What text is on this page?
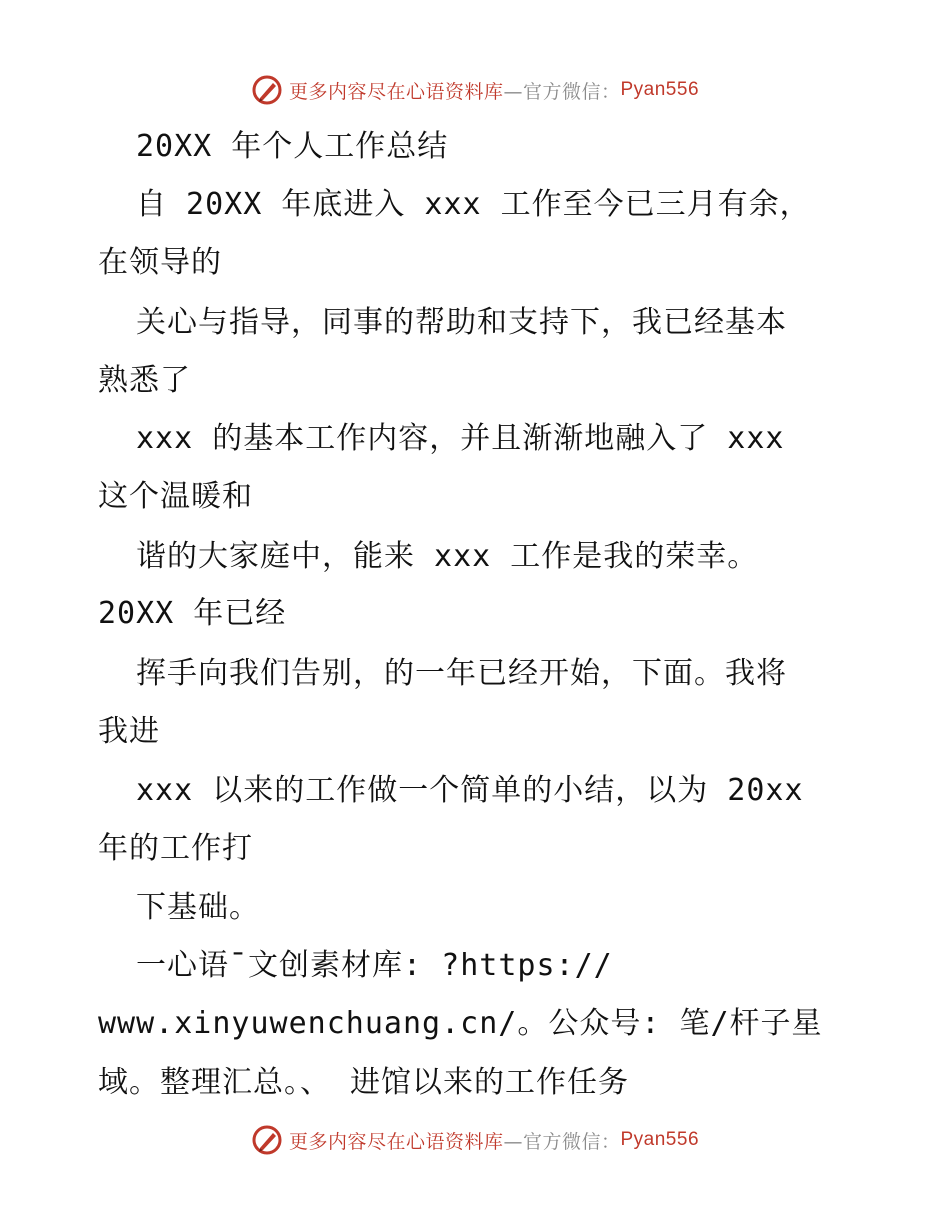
更多内容尽在心语资料库 —官方微信： Pyan556
20XX 年个人工作总结
自 20XX 年底进入 xxx 工作至今已三月有余，
在领导的
关心与指导，同事的帮助和支持下，我已经基本
熟悉了
xxx 的基本工作内容，并且渐渐地融入了 xxx
这个温暖和
谐的大家庭中，能来 xxx 工作是我的荣幸。
20XX 年已经
挥手向我们告别，的一年已经开始，下面。我将
我进
xxx 以来的工作做一个简单的小结，以为 20xx
年的工作打
下基础。
一心语¯文创素材库: ?https://
www.xinyuwenchuang.cn/。公众号: 笔/杆子星
域。整理汇总。、 进馆以来的工作任务
更多内容尽在心语资料库 —官方微信： Pyan556
